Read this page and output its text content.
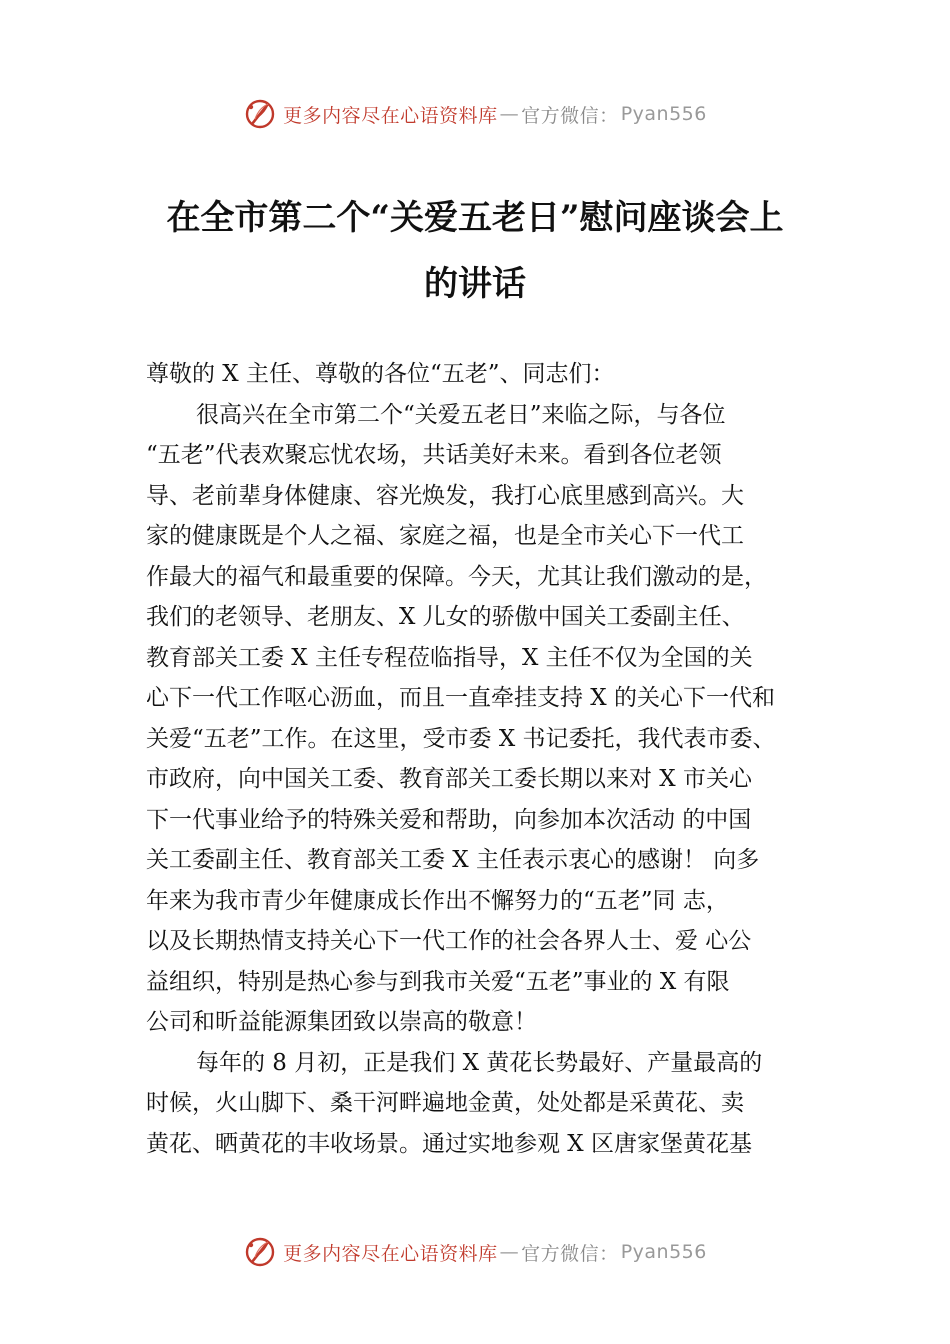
更多内容尽在心语资料库 — 官方微信： Pyan556
在全市第二个“关爱五老日”慰问座谈会上
的讲话
尊敬的 X 主任、尊敬的各位“五老”、同志们：
很高兴在全市第二个“关爱五老日”来临之际，与各位
“五老”代表欢聚忘忧农场，共话美好未来。看到各位老领
导、老前辈身体健康、容光焕发，我打心底里感到高兴。大
家的健康既是个人之福、家庭之福，也是全市关心下一代工
作最大的福气和最重要的保障。今天，尤其让我们激动的是，
我们的老领导、老朋友、X 儿女的骄傲中国关工委副主任、
教育部关工委 X 主任专程莅临指导，X 主任不仅为全国的关
心下一代工作呕心沥血，而且一直牵挂支持 X 的关心下一代和
关爱“五老”工作。在这里，受市委 X 书记委托，我代表市委、
市政府，向中国关工委、教育部关工委长期以来对 X 市关心
下一代事业给予的特殊关爱和帮助，向参加本次活动 的中国
关工委副主任、教育部关工委 X 主任表示衷心的感谢！ 向多
年来为我市青少年健康成长作出不懈努力的“五老”同 志，
以及长期热情支持关心下一代工作的社会各界人士、爱 心公
益组织，特别是热心参与到我市关爱“五老”事业的 X 有限
公司和昕益能源集团致以崇高的敬意！
每年的 8 月初，正是我们 X 黄花长势最好、产量最高的
时候，火山脚下、桑干河畔遍地金黄，处处都是采黄花、卖
黄花、晒黄花的丰收场景。通过实地参观 X 区唐家堡黄花基
更多内容尽在心语资料库 — 官方微信： Pyan556
